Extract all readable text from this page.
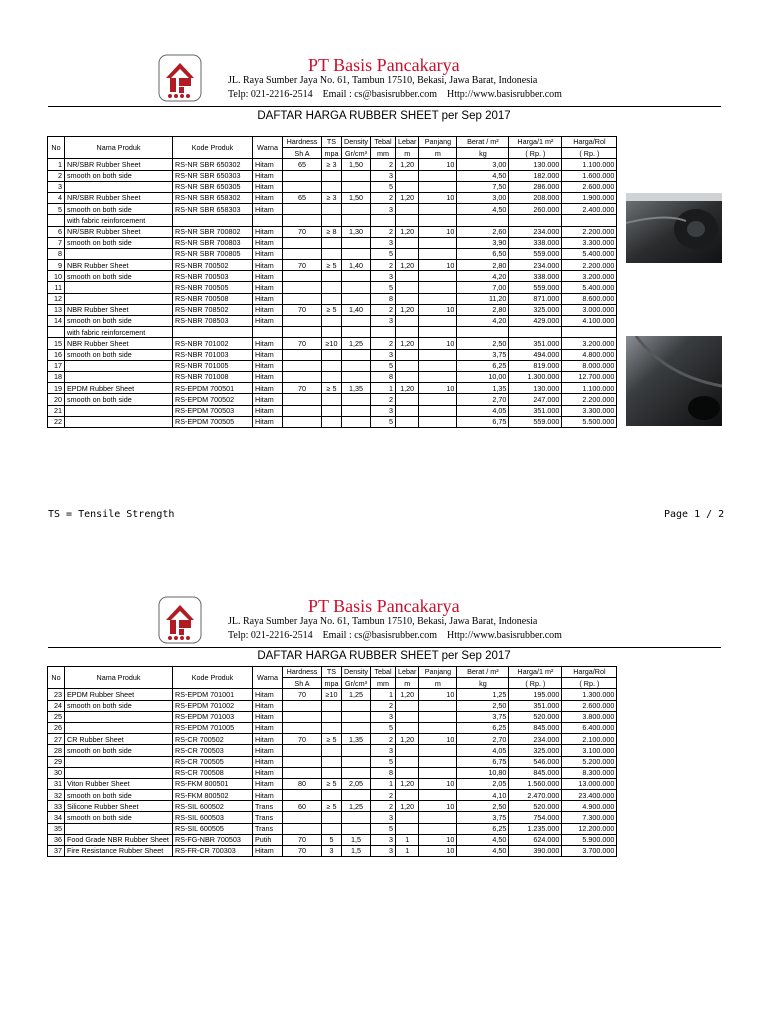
PT Basis Pancakarya
JL. Raya Sumber Jaya No. 61, Tambun 17510, Bekasi, Jawa Barat, Indonesia
Telp: 021-2216-2514    Email : cs@basisrubber.com    Http://www.basisrubber.com
DAFTAR HARGA RUBBER SHEET per Sep 2017
No	Nama Produk	Kode Produk	Warna	Hardness	TS	Density	Tebal	Lebar	Panjang	Berat / m²	Harga/1 m²	Harga/Rol
				Sh A	mpa	Gr/cm³	mm	m	m	kg	( Rp. )	( Rp. )
1	NR/SBR Rubber Sheet	RS-NR SBR 650302	Hitam	65	≥ 3	1,50	2	1,20	10	3,00	130.000	1.100.000
2	smooth on both side	RS-NR SBR 650303	Hitam				3			4,50	182.000	1.600.000
3		RS-NR SBR 650305	Hitam				5			7,50	286.000	2.600.000
4	NR/SBR Rubber Sheet	RS-NR SBR 658302	Hitam	65	≥ 3	1,50	2	1,20	10	3,00	208.000	1.900.000
5	smooth on both side	RS-NR SBR 658303	Hitam				3			4,50	260.000	2.400.000
	with fabric reinforcement											
6	NR/SBR Rubber Sheet	RS-NR SBR 700802	Hitam	70	≥ 8	1,30	2	1,20	10	2,60	234.000	2.200.000
7	smooth on both side	RS-NR SBR 700803	Hitam				3			3,90	338.000	3.300.000
8		RS-NR SBR 700805	Hitam				5			6,50	559.000	5.400.000
9	NBR Rubber Sheet	RS-NBR 700502	Hitam	70	≥ 5	1,40	2	1,20	10	2,80	234.000	2.200.000
10	smooth on both side	RS-NBR 700503	Hitam				3			4,20	338.000	3.200.000
11		RS-NBR 700505	Hitam				5			7,00	559.000	5.400.000
12		RS-NBR 700508	Hitam				8			11,20	871.000	8.600.000
13	NBR Rubber Sheet	RS-NBR 708502	Hitam	70	≥ 5	1,40	2	1,20	10	2,80	325.000	3.000.000
14	smooth on both side	RS-NBR 708503	Hitam				3			4,20	429.000	4.100.000
	with fabric reinforcement											
15	NBR Rubber Sheet	RS-NBR 701002	Hitam	70	≥10	1,25	2	1,20	10	2,50	351.000	3.200.000
16	smooth on both side	RS-NBR 701003	Hitam				3			3,75	494.000	4.800.000
17		RS-NBR 701005	Hitam				5			6,25	819.000	8.000.000
18		RS-NBR 701008	Hitam				8			10,00	1.300.000	12.700.000
19	EPDM Rubber Sheet	RS-EPDM 700501	Hitam	70	≥ 5	1,35	1	1,20	10	1,35	130.000	1.100.000
20	smooth on both side	RS-EPDM 700502	Hitam				2			2,70	247.000	2.200.000
21		RS-EPDM 700503	Hitam				3			4,05	351.000	3.300.000
22		RS-EPDM 700505	Hitam				5			6,75	559.000	5.500.000
TS = Tensile Strength	Page 1 / 2
PT Basis Pancakarya
JL. Raya Sumber Jaya No. 61, Tambun 17510, Bekasi, Jawa Barat, Indonesia
Telp: 021-2216-2514    Email : cs@basisrubber.com    Http://www.basisrubber.com
DAFTAR HARGA RUBBER SHEET per Sep 2017
No	Nama Produk	Kode Produk	Warna	Hardness	TS	Density	Tebal	Lebar	Panjang	Berat / m²	Harga/1 m²	Harga/Rol
				Sh A	mpa	Gr/cm³	mm	m	m	kg	( Rp. )	( Rp. )
23	EPDM Rubber Sheet	RS-EPDM 701001	Hitam	70	≥10	1,25	1	1,20	10	1,25	195.000	1.300.000
24	smooth on both side	RS-EPDM 701002	Hitam				2			2,50	351.000	2.600.000
25		RS-EPDM 701003	Hitam				3			3,75	520.000	3.800.000
26		RS-EPDM 701005	Hitam				5			6,25	845.000	6.400.000
27	CR Rubber Sheet	RS-CR 700502	Hitam	70	≥ 5	1,35	2	1,20	10	2,70	234.000	2.100.000
28	smooth on both side	RS-CR 700503	Hitam				3			4,05	325.000	3.100.000
29		RS-CR 700505	Hitam				5			6,75	546.000	5.200.000
30		RS-CR 700508	Hitam				8			10,80	845.000	8.300.000
31	Viton Rubber Sheet	RS-FKM 800501	Hitam	80	≥ 5	2,05	1	1,20	10	2,05	1.560.000	13.000.000
32	smooth on both side	RS-FKM 800502	Hitam				2			4,10	2.470.000	23.400.000
33	Silicone Rubber Sheet	RS-SIL 600502	Trans	60	≥ 5	1,25	2	1,20	10	2,50	520.000	4.900.000
34	smooth on both side	RS-SIL 600503	Trans				3			3,75	754.000	7.300.000
35		RS-SIL 600505	Trans				5			6,25	1.235.000	12.200.000
36	Food Grade NBR Rubber Sheet	RS-FG-NBR 700503	Putih	70	5	1,5	3	1	10	4,50	624.000	5.900.000
37	Fire Resistance Rubber Sheet	RS-FR-CR 700303	Hitam	70	3	1,5	3	1	10	4,50	390.000	3.700.000
